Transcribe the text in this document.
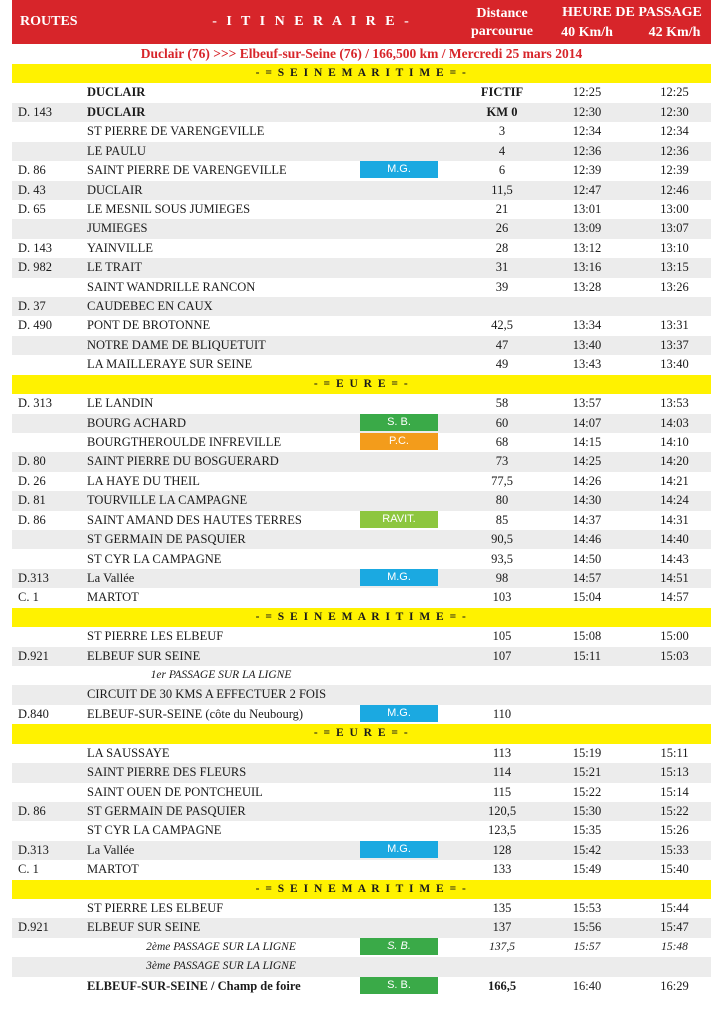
ROUTES	- I T I N E R A I R E -
Distance
parcourue
HEURE DE PASSAGE
40 Km/h	42 Km/h
Duclair (76) >>> Elbeuf-sur-Seine (76) / 166,500 km / Mercredi 25 mars 2014
- = S E I N E M A R I T I M E = -
DUCLAIR	FICTIF	12:25	12:25
D. 143	DUCLAIR	KM 0	12:30	12:30
ST PIERRE DE VARENGEVILLE	3	12:34	12:34
LE PAULU	4	12:36	12:36
D. 86	SAINT PIERRE DE VARENGEVILLE	M.G.	6	12:39	12:39
D. 43	DUCLAIR	11,5	12:47	12:46
D. 65	LE MESNIL SOUS JUMIEGES	21	13:01	13:00
JUMIEGES	26	13:09	13:07
D. 143	YAINVILLE	28	13:12	13:10
D. 982	LE TRAIT	31	13:16	13:15
SAINT WANDRILLE RANCON	39	13:28	13:26
D. 37	CAUDEBEC EN CAUX
D. 490	PONT DE BROTONNE	42,5	13:34	13:31
NOTRE DAME DE BLIQUETUIT	47	13:40	13:37
LA MAILLERAYE SUR SEINE	49	13:43	13:40
- = E U R E = -
D. 313	LE LANDIN	58	13:57	13:53
BOURG ACHARD	S. B.	60	14:07	14:03
BOURGTHEROULDE INFREVILLE	P.C.	68	14:15	14:10
D. 80	SAINT PIERRE DU BOSGUERARD	73	14:25	14:20
D. 26	LA HAYE DU THEIL	77,5	14:26	14:21
D. 81	TOURVILLE LA CAMPAGNE	80	14:30	14:24
D. 86	SAINT AMAND DES HAUTES TERRES	RAVIT.	85	14:37	14:31
ST GERMAIN DE PASQUIER	90,5	14:46	14:40
ST CYR LA CAMPAGNE	93,5	14:50	14:43
D.313	La Vallée	M.G.	98	14:57	14:51
C. 1	MARTOT	103	15:04	14:57
- = S E I N E M A R I T I M E = -
ST PIERRE LES ELBEUF	105	15:08	15:00
D.921	ELBEUF SUR SEINE	107	15:11	15:03
1er PASSAGE SUR LA LIGNE
CIRCUIT DE 30 KMS A EFFECTUER 2 FOIS
D.840	ELBEUF-SUR-SEINE (côte du Neubourg)	M.G.	110
- = E U R E = -
LA SAUSSAYE	113	15:19	15:11
SAINT PIERRE DES FLEURS	114	15:21	15:13
SAINT OUEN DE PONTCHEUIL	115	15:22	15:14
D. 86	ST GERMAIN DE PASQUIER	120,5	15:30	15:22
ST CYR LA CAMPAGNE	123,5	15:35	15:26
D.313	La Vallée	M.G.	128	15:42	15:33
C. 1	MARTOT	133	15:49	15:40
- = S E I N E M A R I T I M E = -
ST PIERRE LES ELBEUF	135	15:53	15:44
D.921	ELBEUF SUR SEINE	137	15:56	15:47
2ème PASSAGE SUR LA LIGNE	S. B.	137,5	15:57	15:48
3ème PASSAGE SUR LA LIGNE
ELBEUF-SUR-SEINE / Champ de foire	S. B.	166,5	16:40	16:29
